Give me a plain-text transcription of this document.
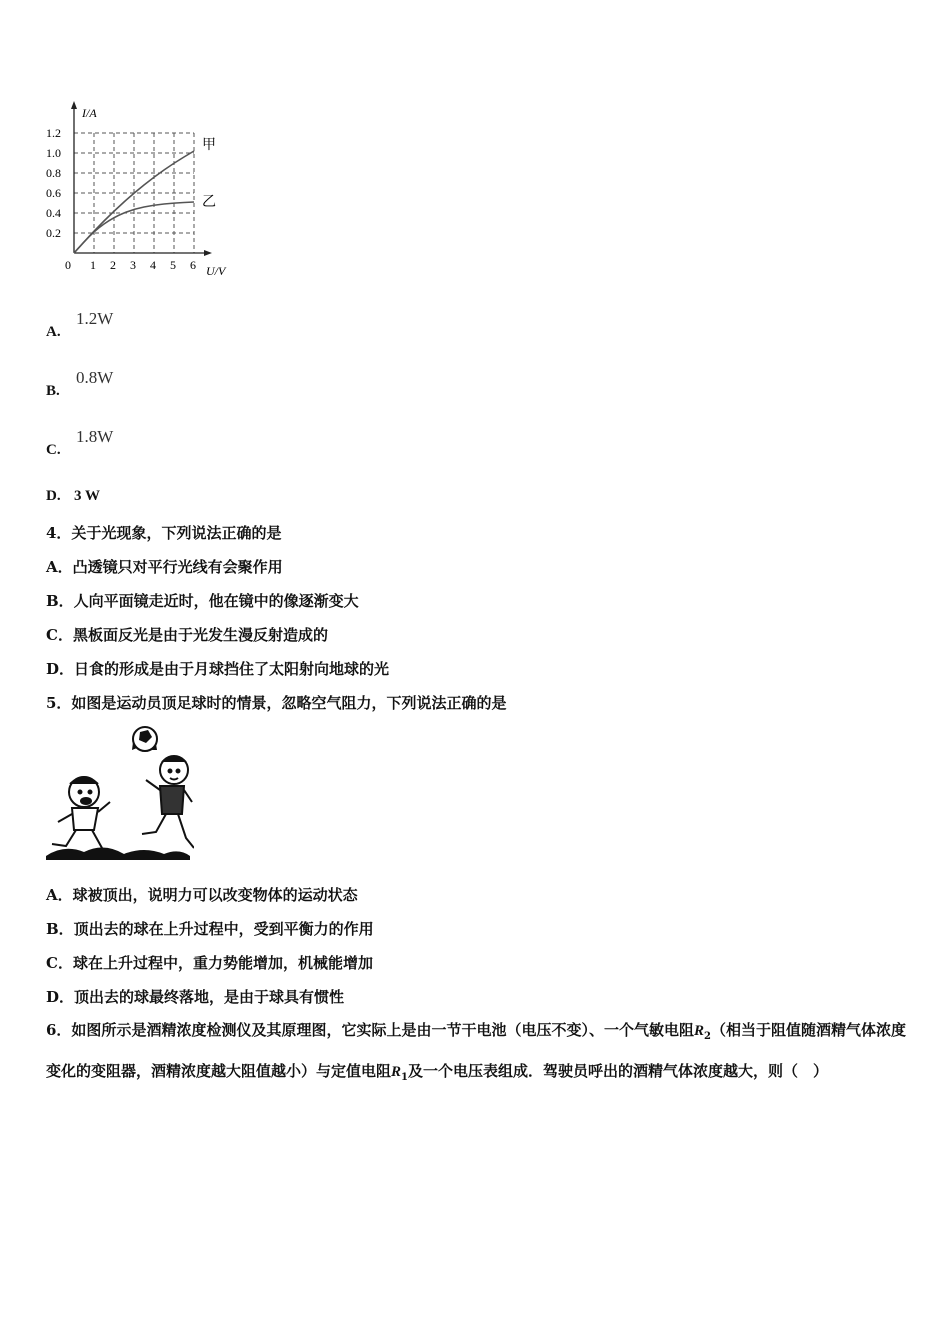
I/A
U/V
0 1 2 3 4 5 6
0.2
0.4
0.6
0.8
1.0
1.2
甲
乙
A.
1.2W
B.
0.8W
C.
1.8W
D. 3 W
4．关于光现象，下列说法正确的是
A．凸透镜只对平行光线有会聚作用
B．人向平面镜走近时，他在镜中的像逐渐变大
C．黑板面反光是由于光发生漫反射造成的
D．日食的形成是由于月球挡住了太阳射向地球的光
5．如图是运动员顶足球时的情景，忽略空气阻力，下列说法正确的是
A．球被顶出，说明力可以改变物体的运动状态
B．顶出去的球在上升过程中，受到平衡力的作用
C．球在上升过程中，重力势能增加，机械能增加
D．顶出去的球最终落地，是由于球具有惯性
6．如图所示是酒精浓度检测仪及其原理图，它实际上是由一节干电池（电压不变）、一个气敏电阻$R_2$（相当于阻值随酒精气体浓度变化的变阻器，酒精浓度越大阻值越小）与定值电阻$R_1$及一个电压表组成．驾驶员呼出的酒精气体浓度越大，则（　）
